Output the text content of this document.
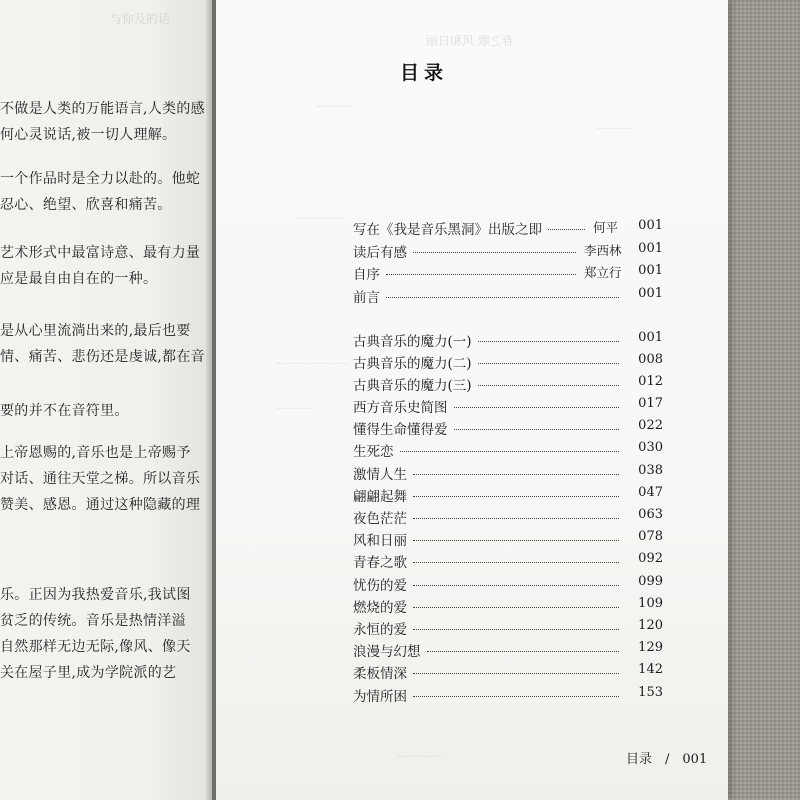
与你及的话
不做是人类的万能语言,人类的感
何心灵说话,被一切人理解。
一个作品时是全力以赴的。他蛇
忍心、绝望、欣喜和痛苦。
艺术形式中最富诗意、最有力量
应是最自由自在的一种。
是从心里流淌出来的,最后也要
情、痛苦、悲伤还是虔诚,都在音
要的并不在音符里。
上帝恩赐的,音乐也是上帝赐予
对话、通往天堂之梯。所以音乐
赞美、感恩。通过这种隐藏的理
乐。正因为我热爱音乐,我试图
贫乏的传统。音乐是热情洋溢
自然那样无边无际,像风、像天
关在屋子里,成为学院派的艺
春之歌 风和日丽
一一一
一一一
一一一一
一一一一一一
一一一
一一一一
目录
写在《我是音乐黑洞》出版之即	何平 001
读后有感	李西林 001
自序	郑立行 001
前言	001
古典音乐的魔力(一)	001
古典音乐的魔力(二)	008
古典音乐的魔力(三)	012
西方音乐史简图	017
懂得生命懂得爱	022
生死恋	030
激情人生	038
翩翩起舞	047
夜色茫茫	063
风和日丽	078
青春之歌	092
忧伤的爱	099
燃烧的爱	109
永恒的爱	120
浪漫与幻想	129
柔板情深	142
为情所困	153
目录 / 001
